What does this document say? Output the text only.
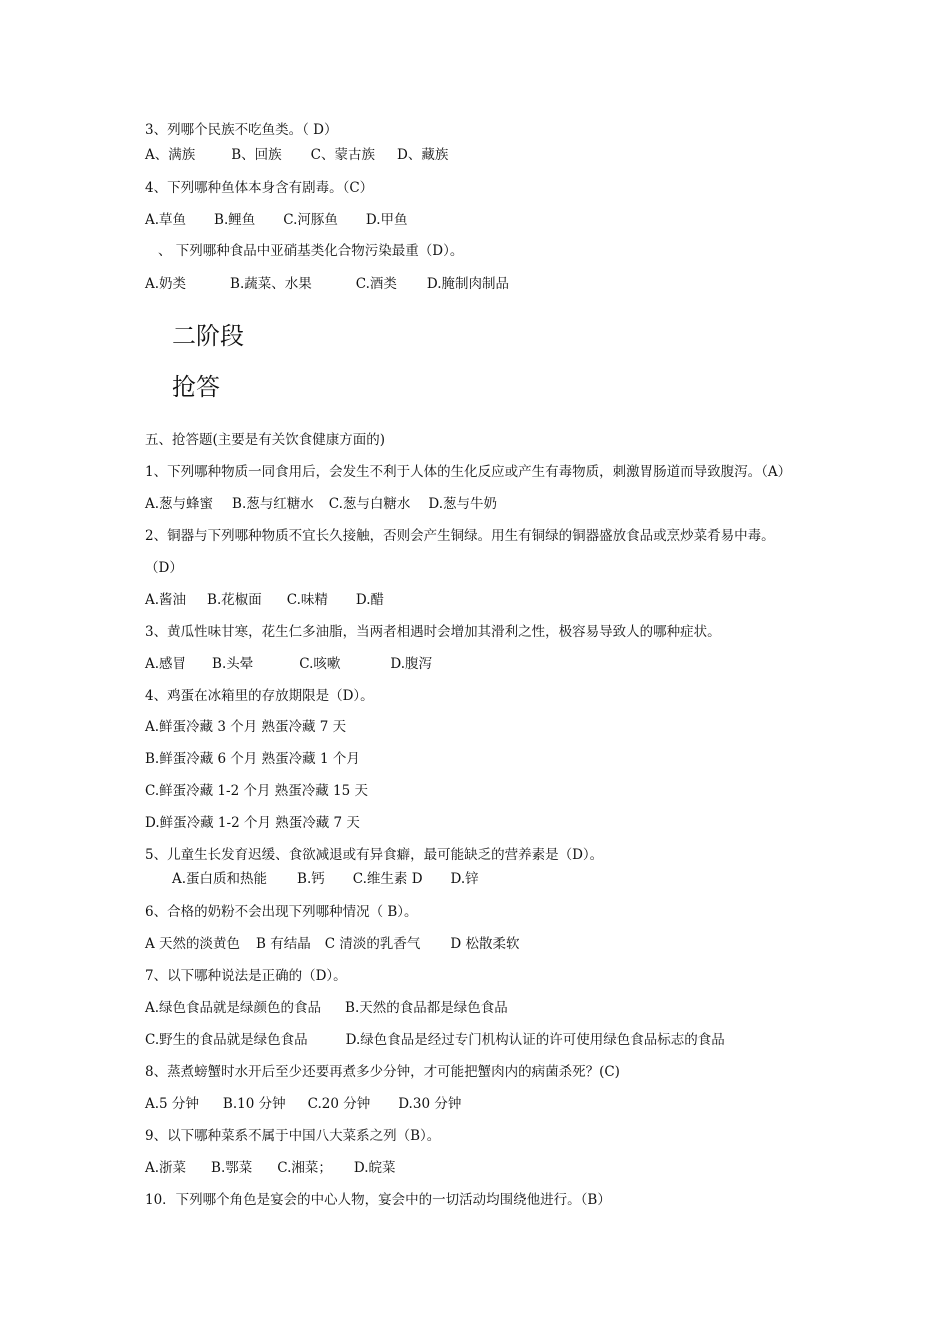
3、列哪个民族不吃鱼类。（ D）
A、满族	B、回族 C、蒙古族 D、藏族
4、下列哪种鱼体本身含有剧毒。（C）
A.草鱼 B.鲤鱼 C.河豚鱼 D.甲鱼
、 下列哪种食品中亚硝基类化合物污染最重（D）。
A.奶类	B.蔬菜、水果	C.酒类 D.腌制肉制品
二阶段
抢答
五、抢答题(主要是有关饮食健康方面的)
1、下列哪种物质一同食用后，会发生不利于人体的生化反应或产生有毒物质，刺激胃肠道而导致腹泻。（A）
A.葱与蜂蜜 B.葱与红糖水 C.葱与白糖水 D.葱与牛奶
2、铜器与下列哪种物质不宜长久接触，否则会产生铜绿。用生有铜绿的铜器盛放食品或烹炒菜肴易中毒。
（D）
A.酱油 B.花椒面 C.味精 D.醋
3、黄瓜性味甘寒，花生仁多油脂，当两者相遇时会增加其滑利之性，极容易导致人的哪种症状。
A.感冒 B.头晕	C.咳嗽	D.腹泻
4、鸡蛋在冰箱里的存放期限是（D）。
A.鲜蛋冷藏 3 个月 熟蛋冷藏 7 天
B.鲜蛋冷藏 6 个月 熟蛋冷藏 1 个月
C.鲜蛋冷藏 1-2 个月 熟蛋冷藏 15 天
D.鲜蛋冷藏 1-2 个月 熟蛋冷藏 7 天
5、儿童生长发育迟缓、食欲减退或有异食癖，最可能缺乏的营养素是（D）。
A.蛋白质和热能 B.钙 C.维生素 D D.锌
6、合格的奶粉不会出现下列哪种情况（ B）。
A 天然的淡黄色 B 有结晶 C 清淡的乳香气 D 松散柔软
7、以下哪种说法是正确的（D）。
A.绿色食品就是绿颜色的食品 B.天然的食品都是绿色食品
C.野生的食品就是绿色食品	D.绿色食品是经过专门机构认证的许可使用绿色食品标志的食品
8、蒸煮螃蟹时水开后至少还要再煮多少分钟，才可能把蟹肉内的病菌杀死？(C)
A.5 分钟 B.10 分钟 C.20 分钟 D.30 分钟
9、以下哪种菜系不属于中国八大菜系之列（B）。
A.浙菜 B.鄂菜 C.湘菜； D.皖菜
10．下列哪个角色是宴会的中心人物，宴会中的一切活动均围绕他进行。（B）
